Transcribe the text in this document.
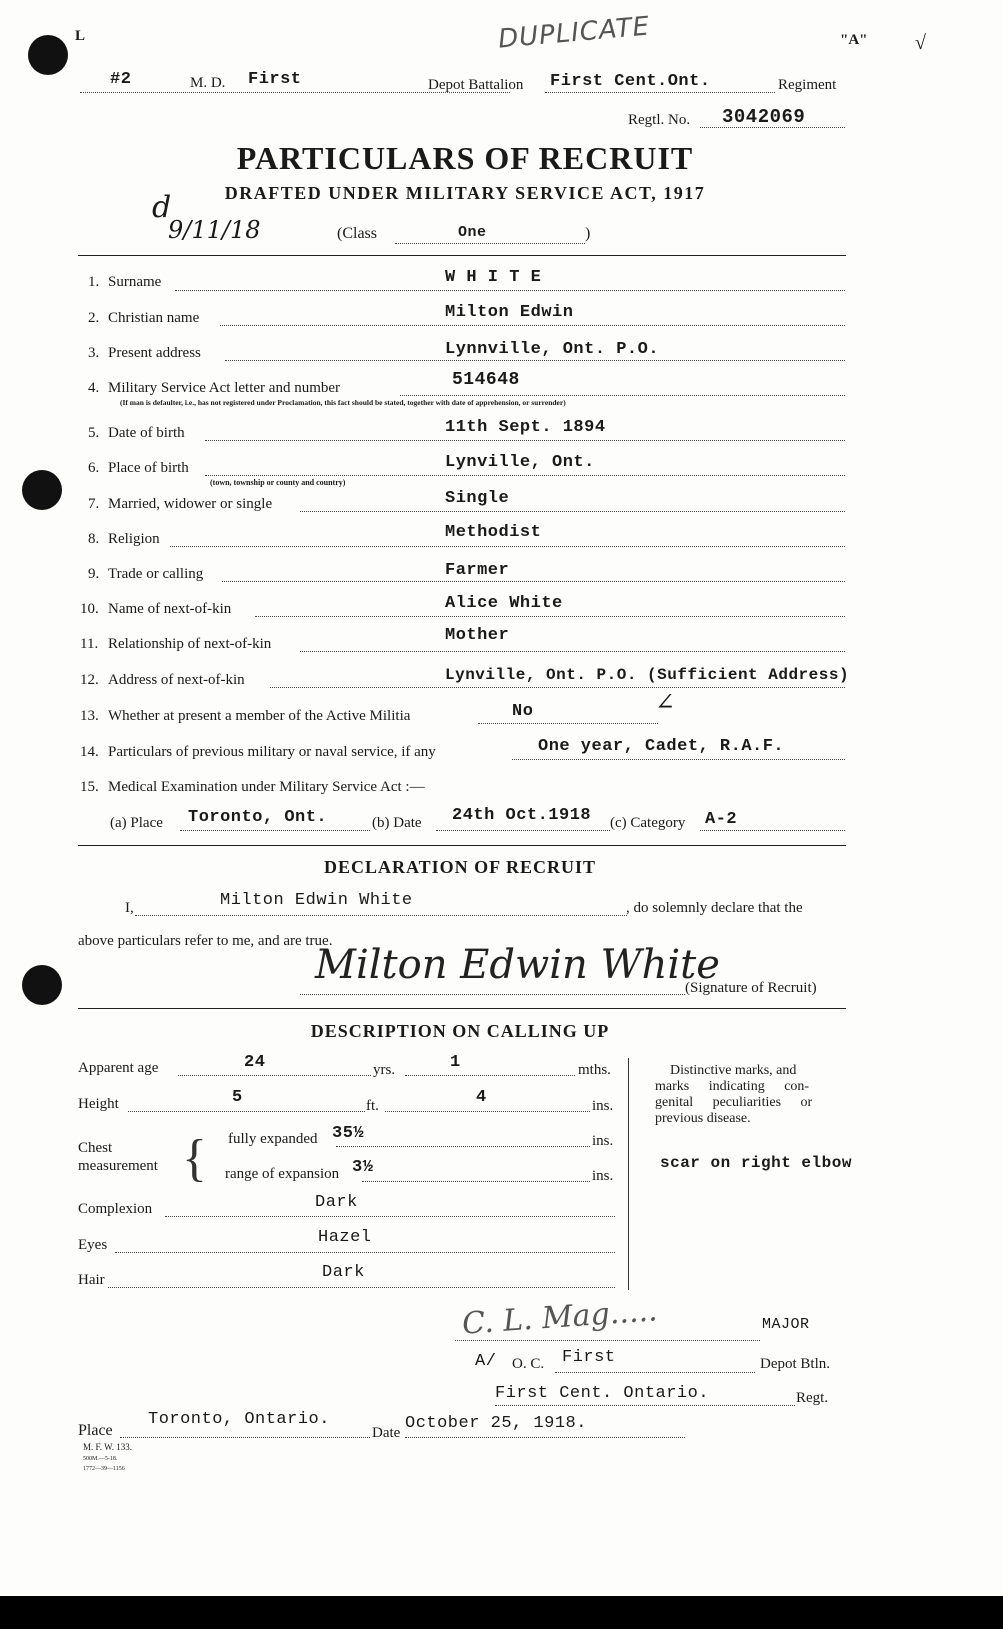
L	DUPLICATE	"A" √
#2	M. D. First	Depot Battalion First Cent.Ont.	Regiment
Regtl. No. 3042069
PARTICULARS OF RECRUIT
DRAFTED UNDER MILITARY SERVICE ACT, 1917
d
9/11/18	(Class	One	)
1. Surname	W H I T E
2. Christian name	Milton Edwin
3. Present address	Lynnville, Ont. P.O.
4. Military Service Act letter and number	514648
(If man is defaulter, i.e., has not registered under Proclamation, this fact should be stated, together with date of apprehension, or surrender)
5. Date of birth	11th Sept. 1894
6. Place of birth	Lynville, Ont.
(town, township or county and country)
7. Married, widower or single	Single
8. Religion	Methodist
9. Trade or calling	Farmer
10. Name of next-of-kin	Alice White
11. Relationship of next-of-kin	Mother
12. Address of next-of-kin	Lynville, Ont. P.O. (Sufficient Address)
∠
13. Whether at present a member of the Active Militia	No
14. Particulars of previous military or naval service, if any	One year, Cadet, R.A.F.
15. Medical Examination under Military Service Act :—
(a) Place Toronto, Ont.	(b) Date 24th Oct.1918 (c) Category A-2
DECLARATION OF RECRUIT
I,	Milton Edwin White	, do solemnly declare that the
above particulars refer to me, and are true.
Milton Edwin White
(Signature of Recruit)
DESCRIPTION ON CALLING UP
Apparent age	24	yrs.	1	mths.
Height	5	ft.	4	ins.
Chest
measurement { fully expanded 35½	ins.
range of expansion 3½	ins.
Complexion	Dark
Eyes	Hazel
Hair	Dark
Distinctive marks, and
marks indicating con-
genital peculiarities or
previous disease.
scar on right elbow
C. L. Mag.....	MAJOR
A/ O. C. First	Depot Btln.
First Cent. Ontario.	Regt.
Place
Toronto, Ontario.
Date October 25, 1918.
M. F. W. 133.
500M.—5-18.
1772—39—1156
